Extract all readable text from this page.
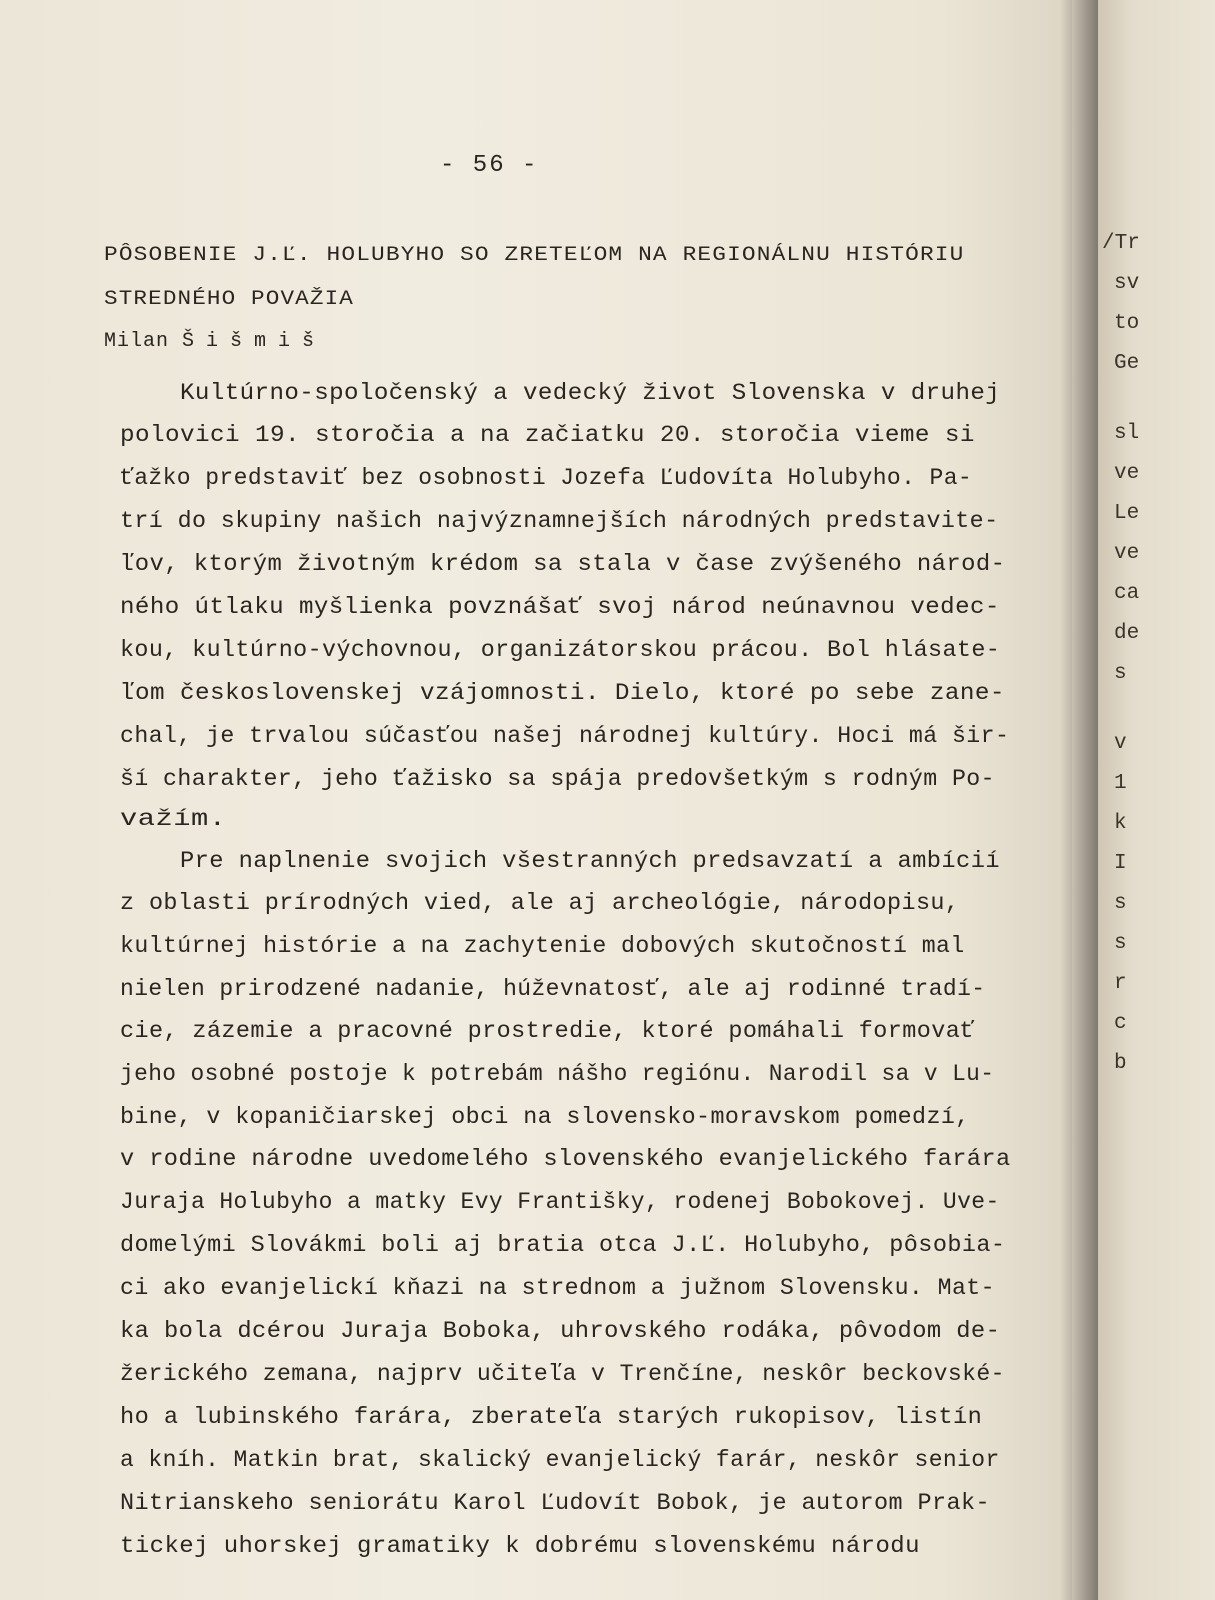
- 56 -
PÔSOBENIE J.Ľ. HOLUBYHO SO ZRETEĽOM NA REGIONÁLNU HISTÓRIU
STREDNÉHO POVAŽIA
Milan Šišmiš
Kultúrno-spoločenský a vedecký život Slovenska v druhej
polovici 19. storočia a na začiatku 20. storočia vieme si
ťažko predstaviť bez osobnosti Jozefa Ľudovíta Holubyho. Pa-
trí do skupiny našich najvýznamnejších národných predstavite-
ľov, ktorým životným krédom sa stala v čase zvýšeného národ-
ného útlaku myšlienka povznášať svoj národ neúnavnou vedec-
kou, kultúrno-výchovnou, organizátorskou prácou. Bol hlásate-
ľom československej vzájomnosti. Dielo, ktoré po sebe zane-
chal, je trvalou súčasťou našej národnej kultúry. Hoci má šir-
ší charakter, jeho ťažisko sa spája predovšetkým s rodným Po-
važím.
Pre naplnenie svojich všestranných predsavzatí a ambícií
z oblasti prírodných vied, ale aj archeológie, národopisu,
kultúrnej histórie a na zachytenie dobových skutočností mal
nielen prirodzené nadanie, húževnatosť, ale aj rodinné tradí-
cie, zázemie a pracovné prostredie, ktoré pomáhali formovať
jeho osobné postoje k potrebám nášho regiónu. Narodil sa v Lu-
bine, v kopaničiarskej obci na slovensko-moravskom pomedzí,
v rodine národne uvedomelého slovenského evanjelického farára
Juraja Holubyho a matky Evy Františky, rodenej Bobokovej. Uve-
domelými Slovákmi boli aj bratia otca J.Ľ. Holubyho, pôsobia-
ci ako evanjelickí kňazi na strednom a južnom Slovensku. Mat-
ka bola dcérou Juraja Boboka, uhrovského rodáka, pôvodom de-
žerického zemana, najprv učiteľa v Trenčíne, neskôr beckovské-
ho a lubinského farára, zberateľa starých rukopisov, listín
a kníh. Matkin brat, skalický evanjelický farár, neskôr senior
Nitrianskeho seniorátu Karol Ľudovít Bobok, je autorom Prak-
tickej uhorskej gramatiky k dobrému slovenskému národu
/Tr
sv
to
Ge
sl
ve
Le
ve
ca
de
s
v
1
k
I
s
s
r
c
b
